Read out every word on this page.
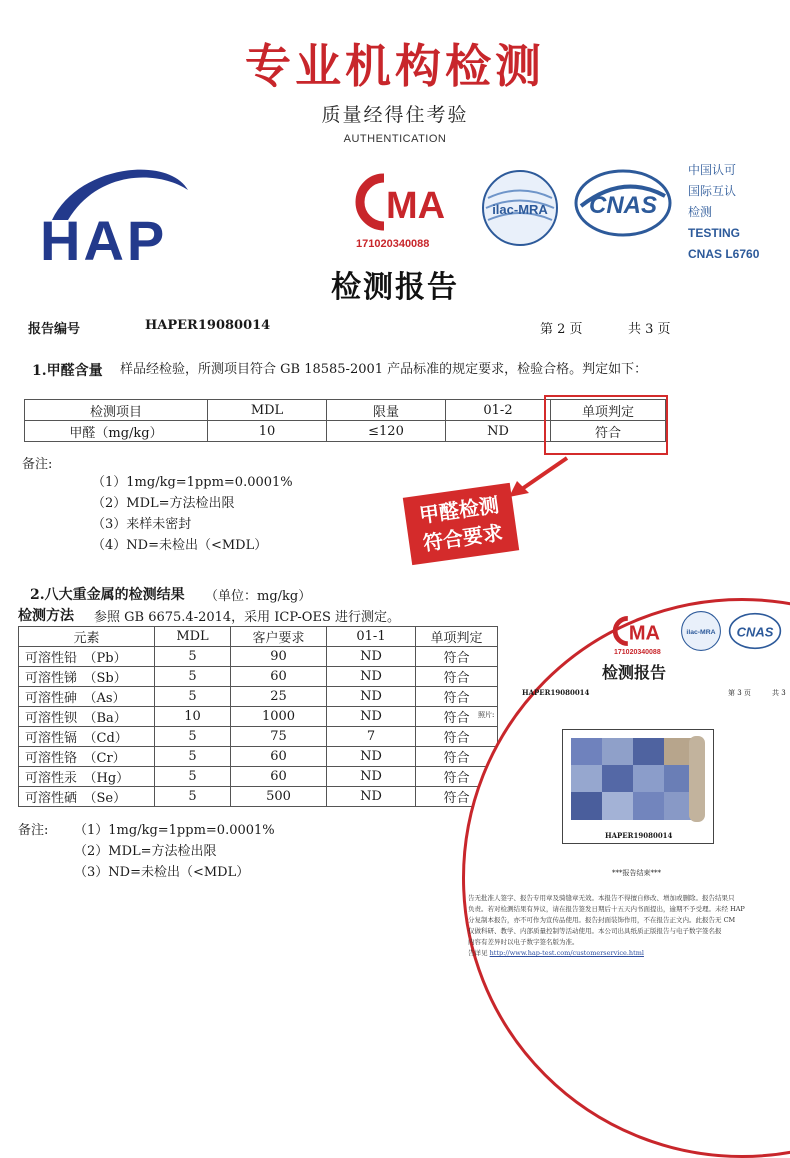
专业机构检测
质量经得住考验
AUTHENTICATION
HAP
MA
171020340088
ilac-MRA CNAS
中国认可
国际互认
检测
TESTING
CNAS L6760
检测报告
报告编号	HAPER19080014	第 2 页	共 3 页
1.甲醛含量 样品经检验，所测项目符合 GB 18585-2001 产品标准的规定要求，检验合格。判定如下：
检测项目	MDL	限量	01-2	单项判定
甲醛（mg/kg）	10	≤120	ND	符合
备注:
（1）1mg/kg=1ppm=0.0001%
（2）MDL=方法检出限
（3）来样未密封
（4）ND=未检出（<MDL）
甲醛检测
符合要求
2.八大重金属的检测结果 （单位：mg/kg）
检测方法 参照 GB 6675.4-2014，采用 ICP-OES 进行测定。
元素	MDL	客户要求	01-1	单项判定
可溶性铅　（Pb）	5	90	ND	符合
可溶性锑　（Sb）	5	60	ND	符合
可溶性砷　（As）	5	25	ND	符合
可溶性钡　（Ba）	10	1000	ND	符合
可溶性镉　（Cd）	5	75	7	符合
可溶性铬　（Cr）	5	60	ND	符合
可溶性汞　（Hg）	5	60	ND	符合
可溶性硒　（Se）	5	500	ND	符合
备注: （1）1mg/kg=1ppm=0.0001%
（2）MDL=方法检出限
（3）ND=未检出（<MDL）
MA
171020340088
ilac-MRA CNAS
检测报告
HAPER19080014	第 3 页	共 3
照片:
HAPER19080014
***报告结束***
告无批准人签字、报告专用章及骑缝章无效。本报告不得擅自修改、增加或删除。报告结果只
负责。若对检测结果有异议，请在报告签发日期后十五天内书面提出，逾期不予受理。未经 HAP
分复制本报告，亦不可作为宣传品使用。报告封面装饰作用，不在报告正文内。此报告无 CM
仅做科研、教学、内部质量控制等活动使用。本公司出具纸质正版报告与电子数字签名报
内容有差异时以电子数字签名版为准。
告详见 http://www.hap-test.com/customerservice.html
